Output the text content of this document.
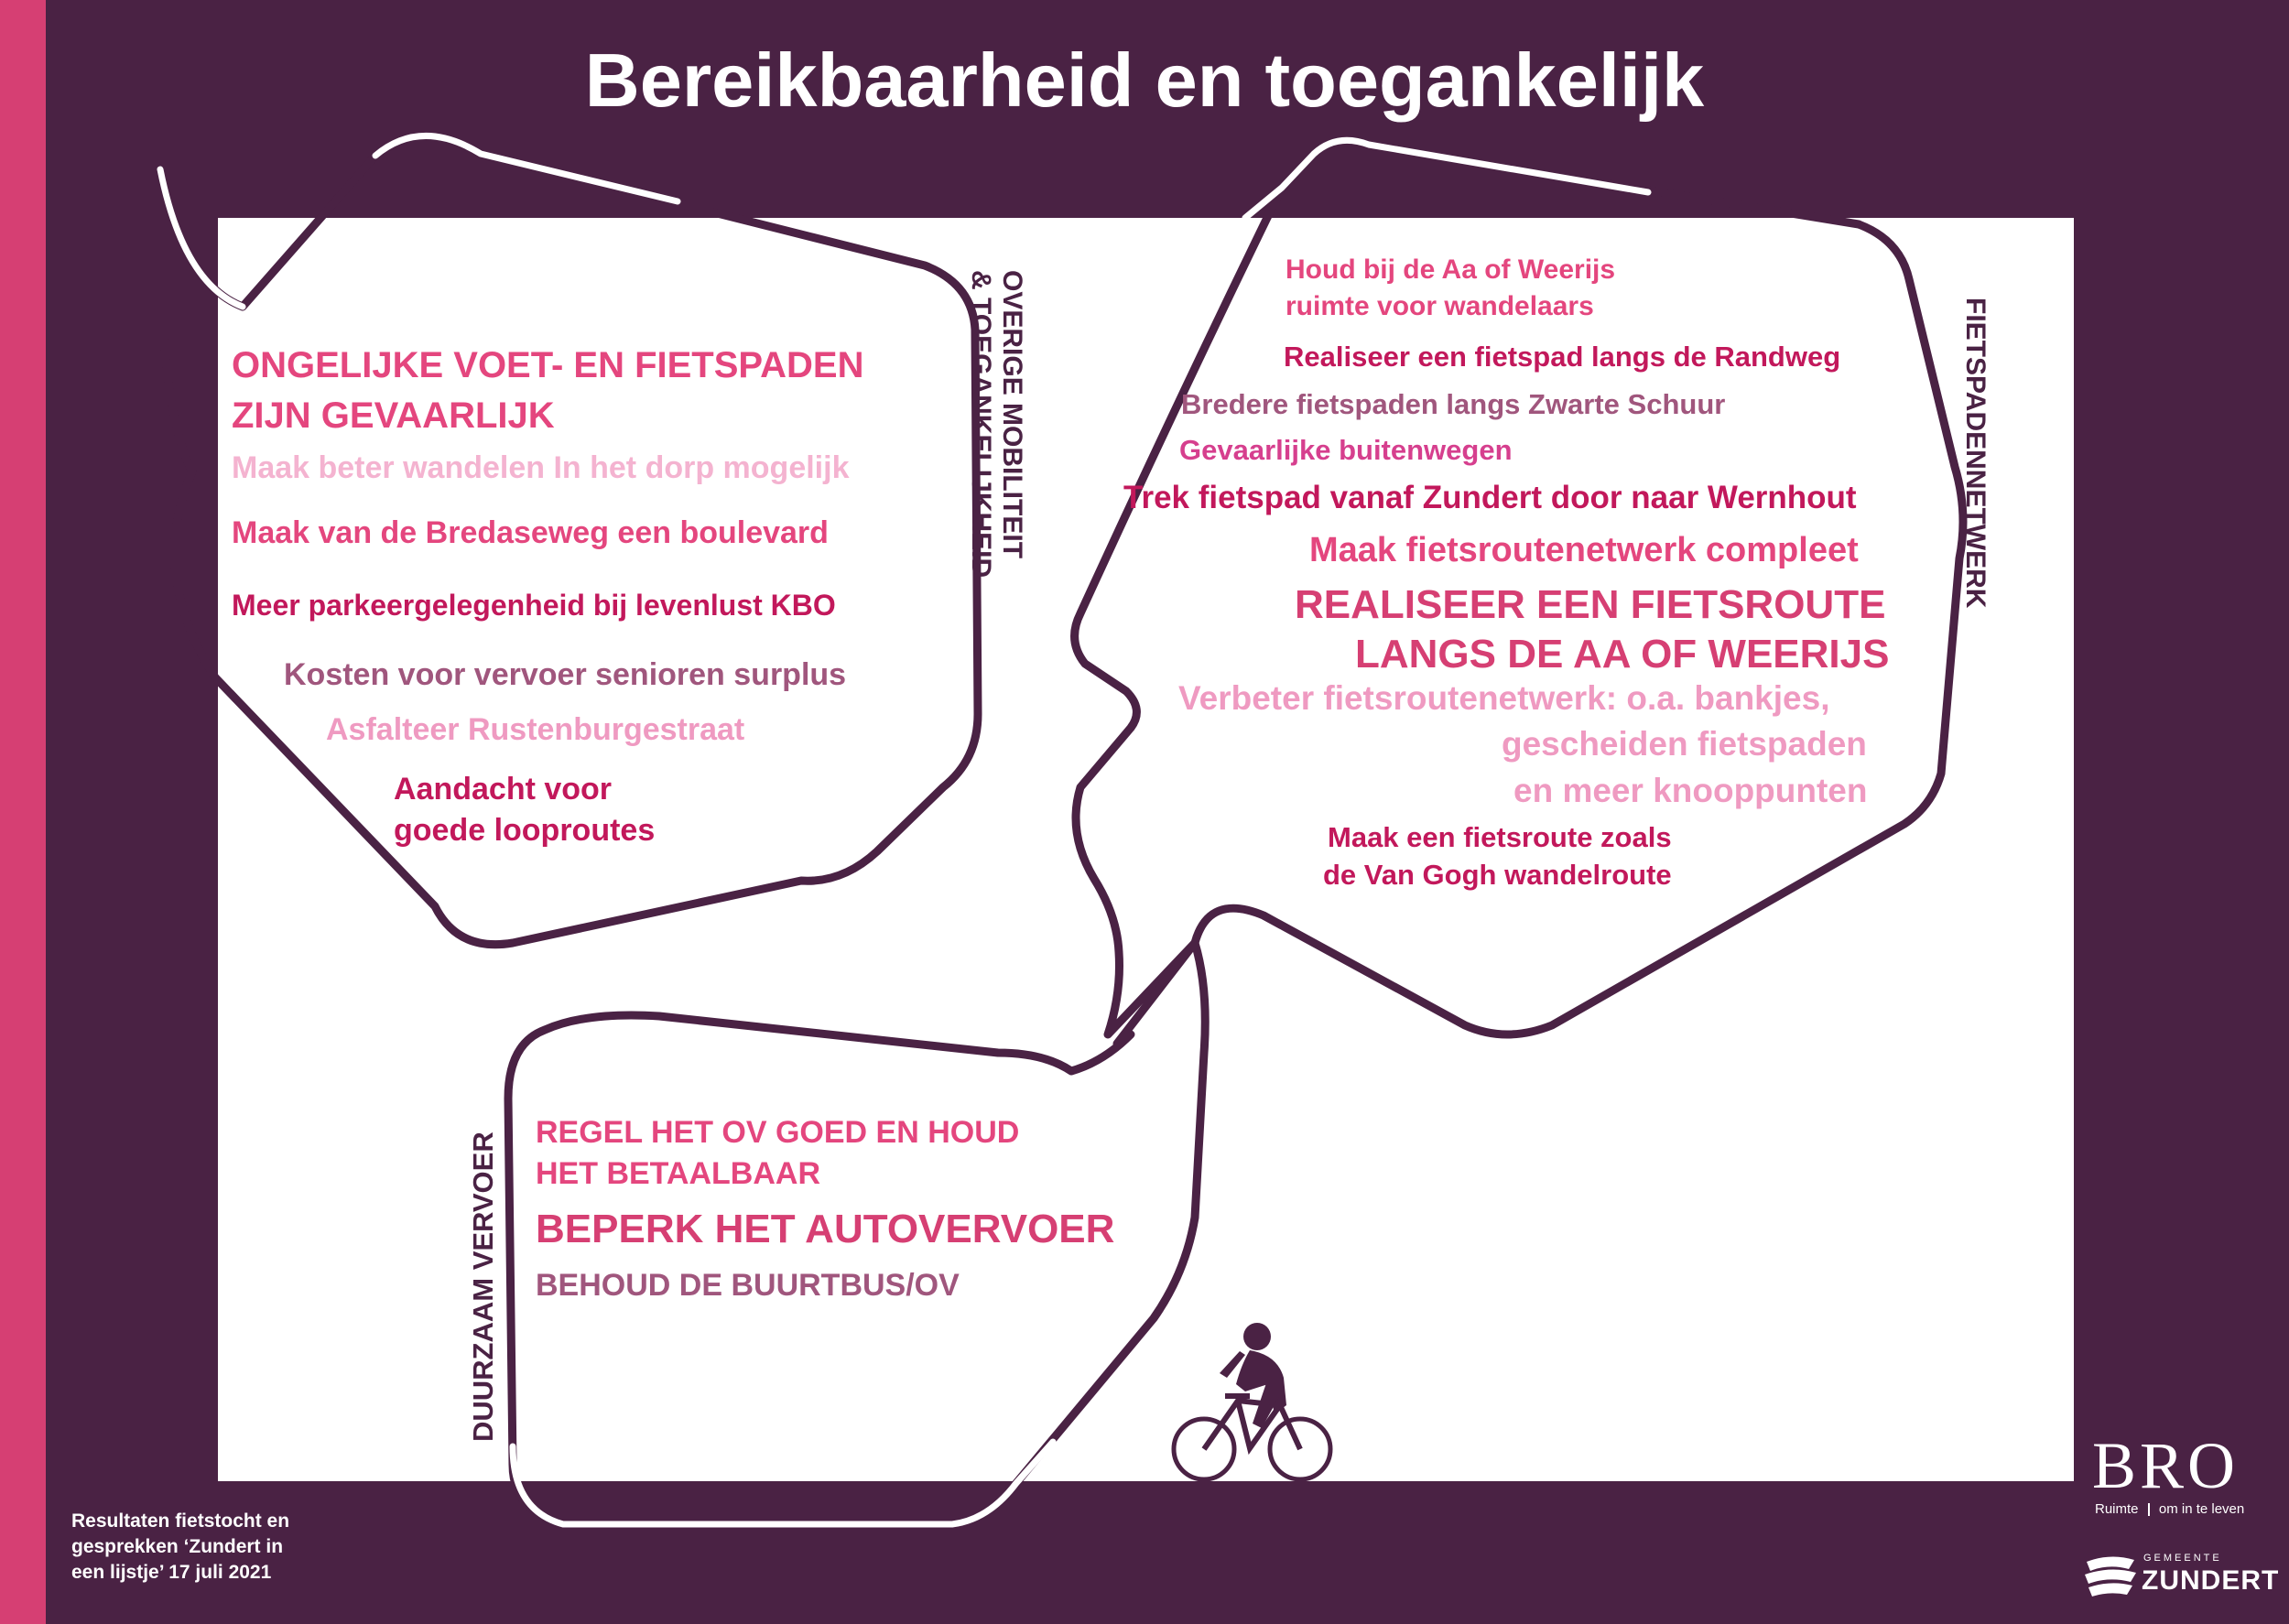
Bereikbaarheid en toegankelijk
ONGELIJKE VOET- EN FIETSPADEN
ZIJN GEVAARLIJK
Maak beter wandelen In het dorp mogelijk
Maak van de Bredaseweg een boulevard
Meer parkeergelegenheid bij levenlust KBO
Kosten voor vervoer senioren surplus
Asfalteer Rustenburgestraat
Aandacht voor
goede looproutes
OVERIGE MOBILITEIT
& TOEGANKELIJKHEID
Houd bij de Aa of Weerijs
ruimte voor wandelaars
Realiseer een fietspad langs de Randweg
Bredere fietspaden langs Zwarte Schuur
Gevaarlijke buitenwegen
Trek fietspad vanaf Zundert door naar Wernhout
Maak fietsroutenetwerk compleet
REALISEER EEN FIETSROUTE
LANGS DE AA OF WEERIJS
Verbeter fietsroutenetwerk: o.a. bankjes,
gescheiden fietspaden
en meer knooppunten
Maak een fietsroute zoals
de Van Gogh wandelroute
FIETSPADENNETWERK
REGEL HET OV GOED EN HOUD
HET BETAALBAAR
BEPERK HET AUTOVERVOER
BEHOUD DE BUURTBUS/OV
DUURZAAM VERVOER
Resultaten fietstocht en
gesprekken ‘Zundert in
een lijstje’ 17 juli 2021
BRO
Ruimte om in te leven
GEMEENTE
ZUNDERT
